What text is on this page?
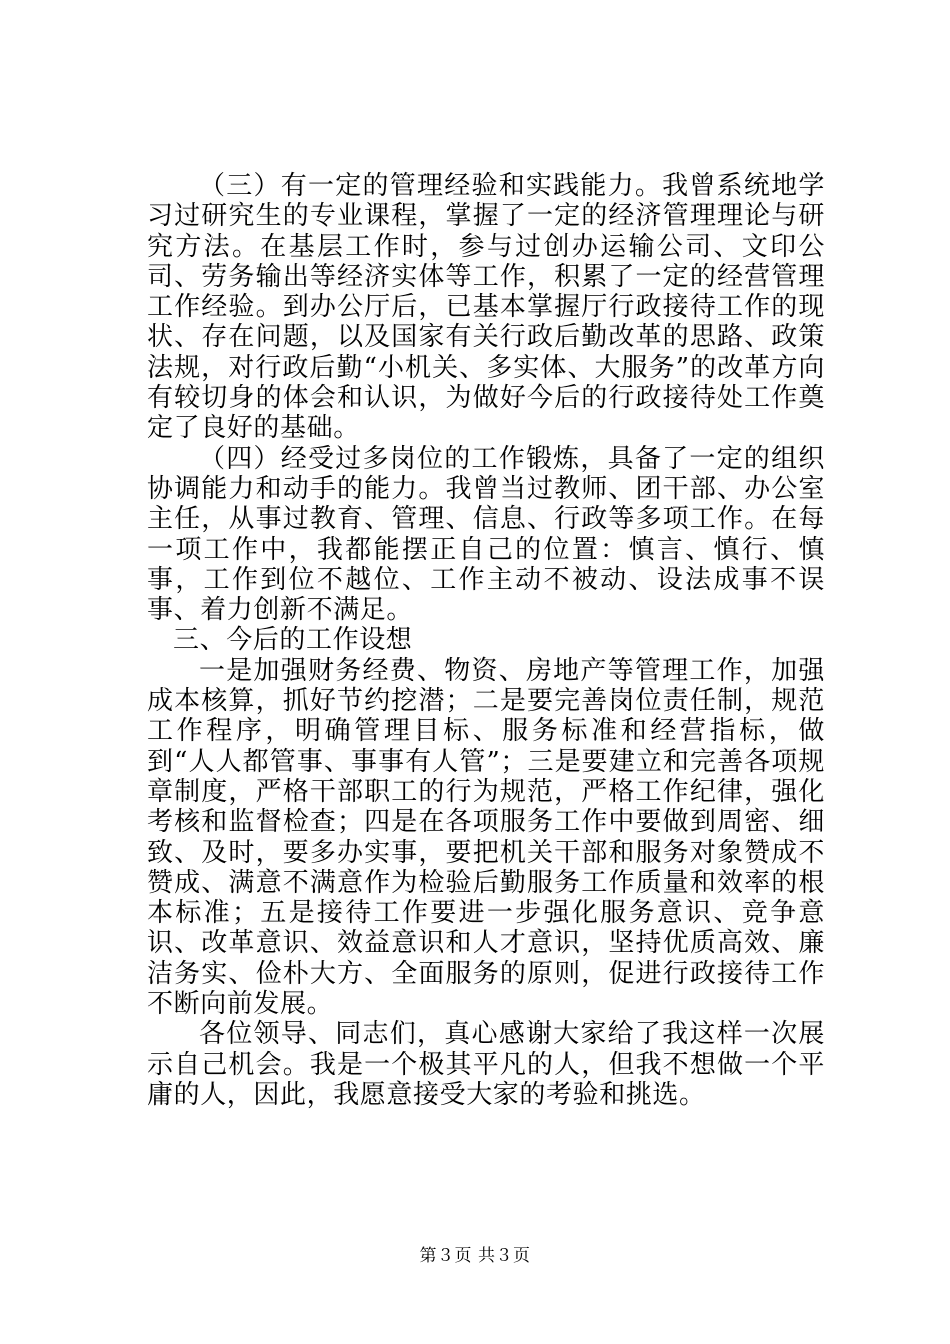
（三）有一定的管理经验和实践能力。我曾系统地学习过研究生的专业课程，掌握了一定的经济管理理论与研究方法。在基层工作时，参与过创办运输公司、文印公司、劳务输出等经济实体等工作，积累了一定的经营管理工作经验。到办公厅后，已基本掌握厅行政接待工作的现状、存在问题，以及国家有关行政后勤改革的思路、政策法规，对行政后勤“小机关、多实体、大服务”的改革方向有较切身的体会和认识，为做好今后的行政接待处工作奠定了良好的基础。

（四）经受过多岗位的工作锻炼，具备了一定的组织协调能力和动手的能力。我曾当过教师、团干部、办公室主任，从事过教育、管理、信息、行政等多项工作。在每一项工作中，我都能摆正自己的位置：慎言、慎行、慎事，工作到位不越位、工作主动不被动、设法成事不误事、着力创新不满足。

三、今后的工作设想

一是加强财务经费、物资、房地产等管理工作，加强成本核算，抓好节约挖潜；二是要完善岗位责任制，规范工作程序，明确管理目标、服务标准和经营指标，做到“人人都管事、事事有人管”；三是要建立和完善各项规章制度，严格干部职工的行为规范，严格工作纪律，强化考核和监督检查；四是在各项服务工作中要做到周密、细致、及时，要多办实事，要把机关干部和服务对象赞成不赞成、满意不满意作为检验后勤服务工作质量和效率的根本标准；五是接待工作要进一步强化服务意识、竞争意识、改革意识、效益意识和人才意识，坚持优质高效、廉洁务实、俭朴大方、全面服务的原则，促进行政接待工作不断向前发展。

各位领导、同志们，真心感谢大家给了我这样一次展示自己机会。我是一个极其平凡的人，但我不想做一个平庸的人，因此，我愿意接受大家的考验和挑选。

第３页 共３页
